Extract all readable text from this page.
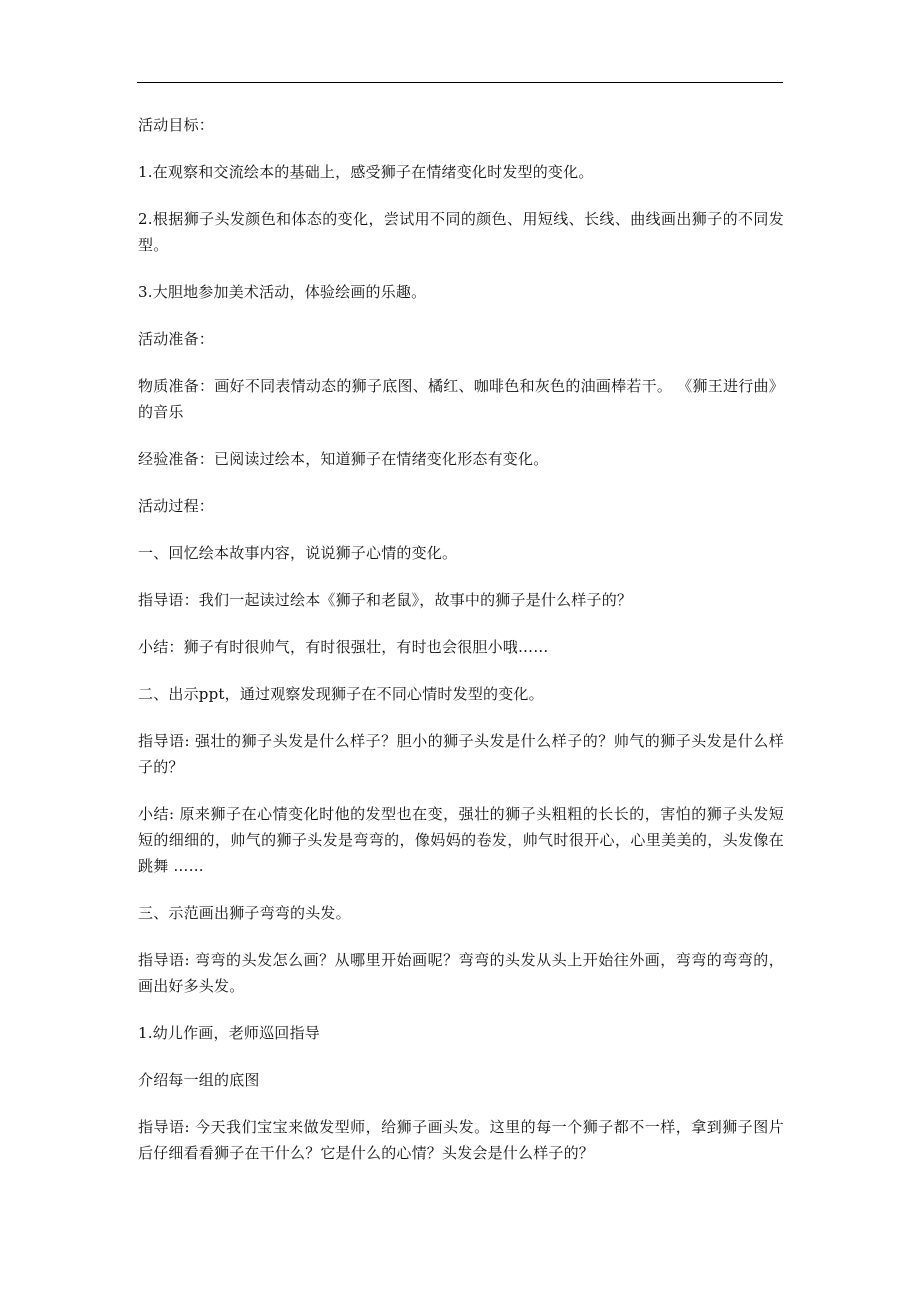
活动目标：

1.在观察和交流绘本的基础上，感受狮子在情绪变化时发型的变化。

2.根据狮子头发颜色和体态的变化，尝试用不同的颜色、用短线、长线、曲线画出狮子的不同发型。

3.大胆地参加美术活动，体验绘画的乐趣。

活动准备：

物质准备：画好不同表情动态的狮子底图、橘红、咖啡色和灰色的油画棒若干。 《狮王进行曲》的音乐

经验准备：已阅读过绘本，知道狮子在情绪变化形态有变化。

活动过程：

一、回忆绘本故事内容，说说狮子心情的变化。

指导语：我们一起读过绘本《狮子和老鼠》，故事中的狮子是什么样子的？

小结：狮子有时很帅气，有时很强壮，有时也会很胆小哦……

二、出示ppt，通过观察发现狮子在不同心情时发型的变化。

指导语: 强壮的狮子头发是什么样子？胆小的狮子头发是什么样子的？帅气的狮子头发是什么样子的？

小结: 原来狮子在心情变化时他的发型也在变，强壮的狮子头粗粗的长长的，害怕的狮子头发短短的细细的，帅气的狮子头发是弯弯的，像妈妈的卷发，帅气时很开心，心里美美的，头发像在跳舞 ……

三、示范画出狮子弯弯的头发。

指导语: 弯弯的头发怎么画？从哪里开始画呢？弯弯的头发从头上开始往外画，弯弯的弯弯的，画出好多头发。

1.幼儿作画，老师巡回指导

介绍每一组的底图

指导语: 今天我们宝宝来做发型师，给狮子画头发。这里的每一个狮子都不一样，拿到狮子图片后仔细看看狮子在干什么？它是什么的心情？头发会是什么样子的？
